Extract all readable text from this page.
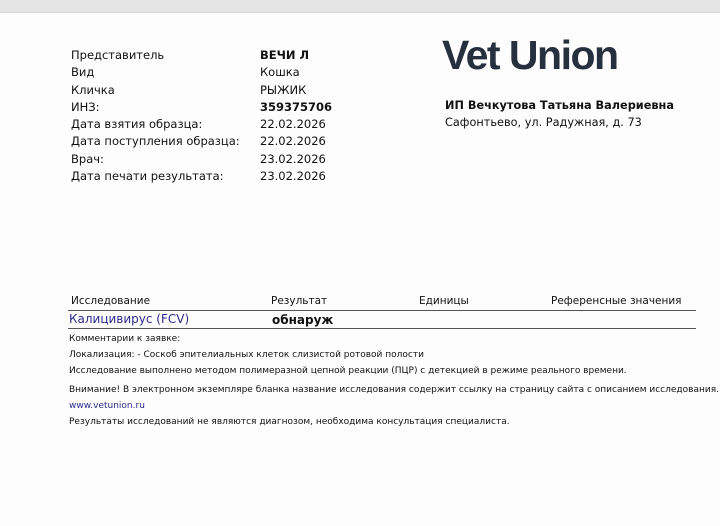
Представитель	ВЕЧИ Л
Вид	Кошка
Кличка	РЫЖИК
ИНЗ:	359375706
Дата взятия образца:	22.02.2026
Дата поступления образца: 22.02.2026
Врач:	23.02.2026
Дата печати результата:	23.02.2026
Vet Union
ИП Вечкутова Татьяна Валериевна
Сафонтьево, ул. Радужная, д. 73
Исследование	Результат	Единицы	Референсные значения
Калицивирус (FCV)	обнаруж
Комментарии к заявке:
Локализация: - Соскоб эпителиальных клеток слизистой ротовой полости
Исследование выполнено методом полимеразной цепной реакции (ПЦР) с детекцией в режиме реального времени.
Внимание! В электронном экземпляре бланка название исследования содержит ссылку на страницу сайта с описанием исследования.
www.vetunion.ru
Результаты исследований не являются диагнозом, необходима консультация специалиста.
